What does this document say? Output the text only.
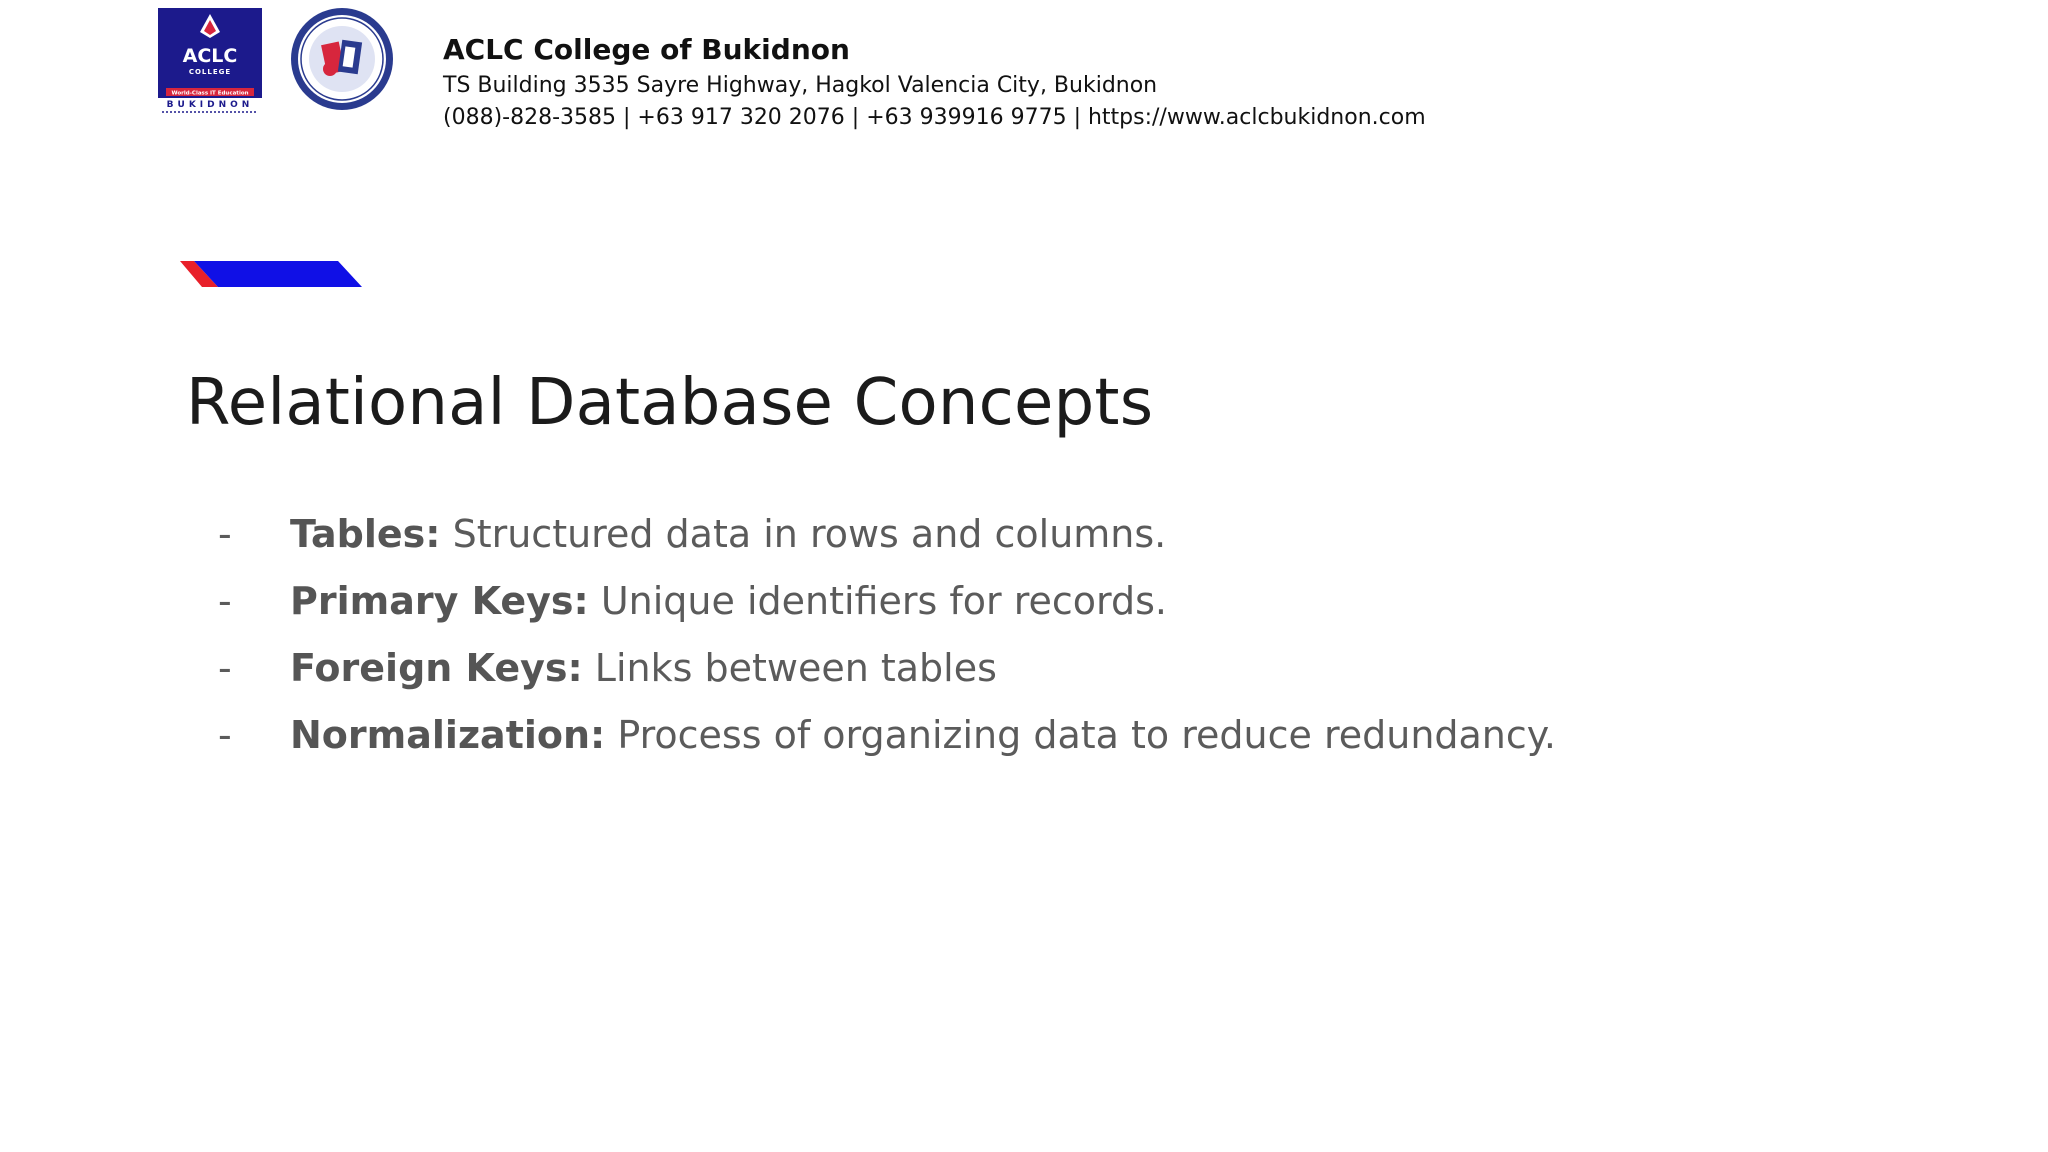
ACLC
COLLEGE
World-Class IT Education
BUKIDNON
ACLC College of Bukidnon
TS Building 3535 Sayre Highway, Hagkol Valencia City, Bukidnon
(088)-828-3585 | +63 917 320 2076 | +63 939916 9775 | https://www.aclcbukidnon.com
Relational Database Concepts
-	Tables:
Structured data in rows and columns.
-	Primary Keys:
Unique identifiers for records.
-	Foreign Keys:
Links between tables
-	Normalization:
Process of organizing data to reduce redundancy.
